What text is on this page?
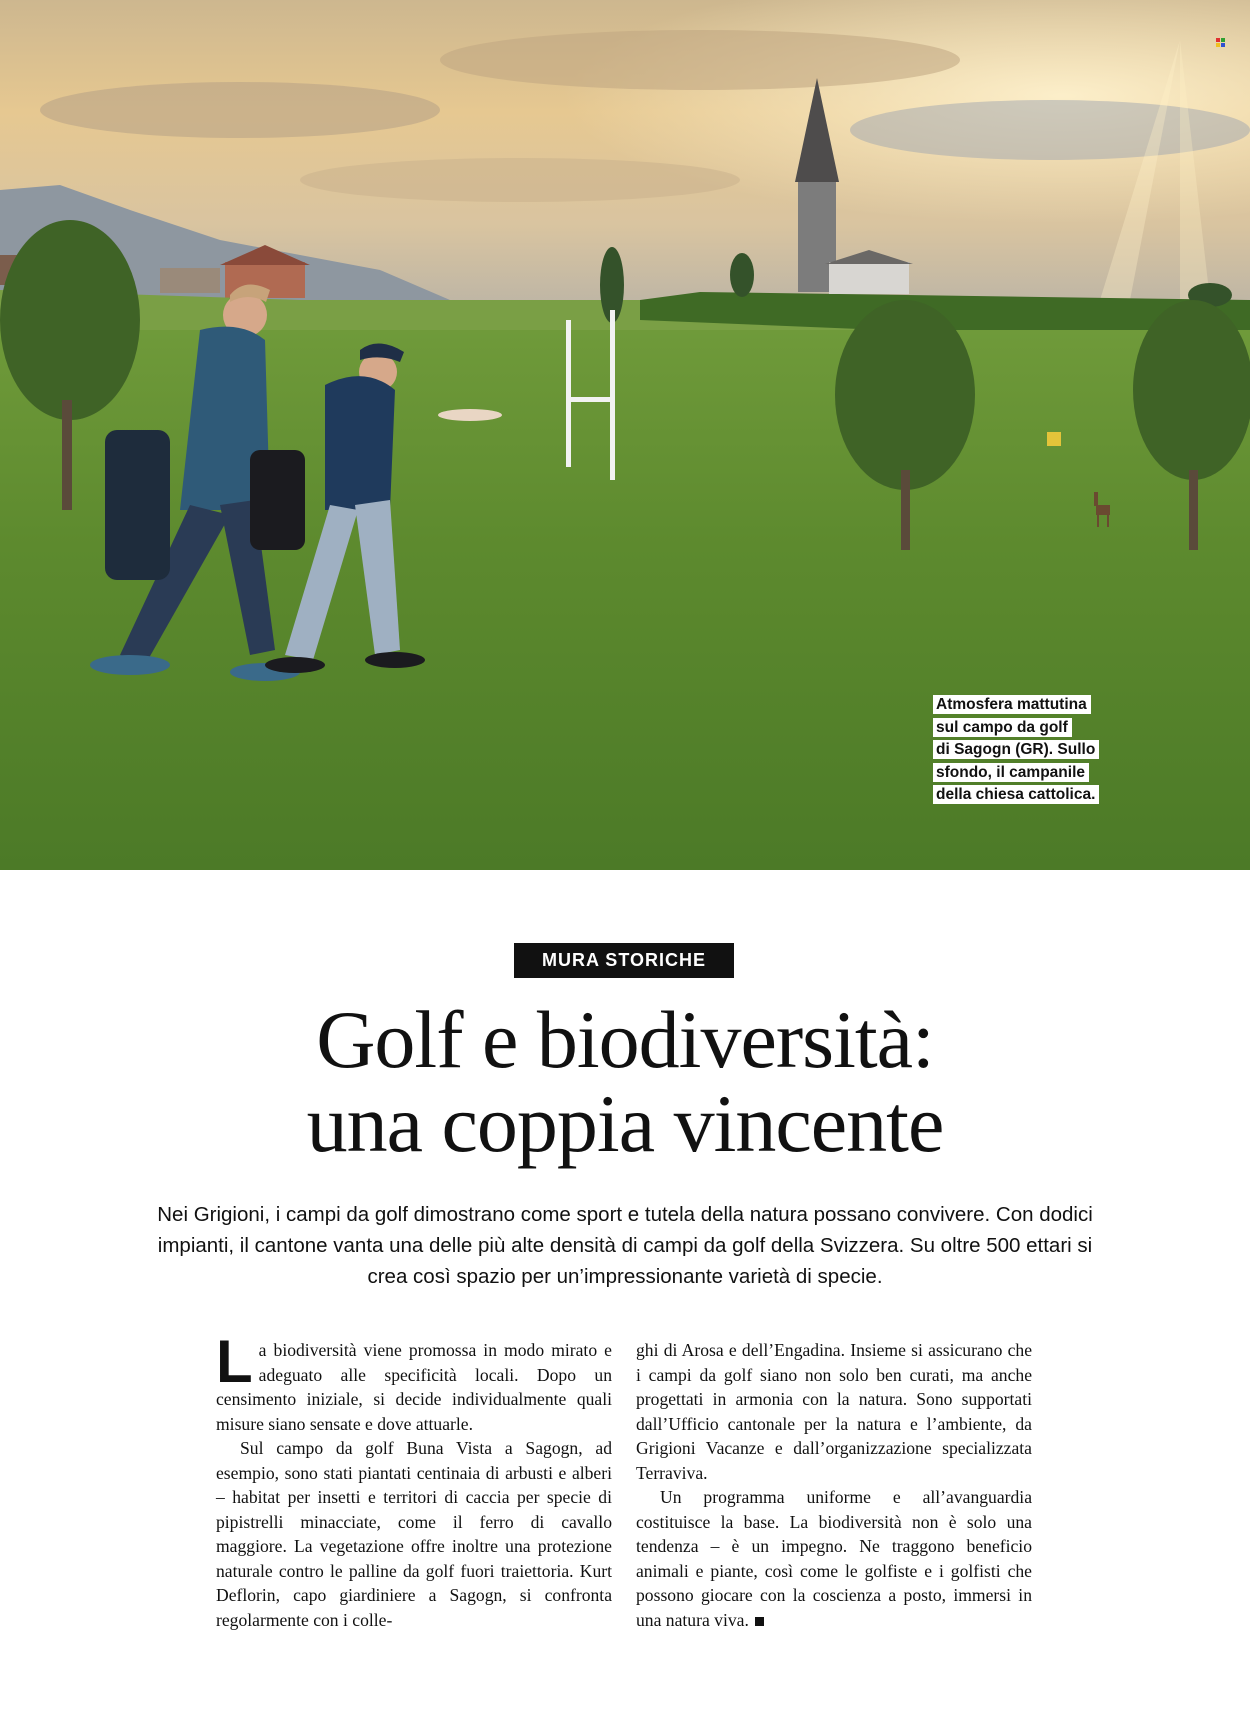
Atmosfera mattutina
sul campo da golf
di Sagogn (GR). Sullo
sfondo, il campanile
della chiesa cattolica.
MURA STORICHE
Golf e biodiversità:
una coppia vincente

Nei Grigioni, i campi da golf dimostrano come sport e tutela della natura possano convivere. Con dodici impianti, il cantone vanta una delle più alte densità di campi da golf della Svizzera. Su oltre 500 ettari si crea così spazio per un’impressionante varietà di specie.

La biodiversità viene promossa in modo mirato e adeguato alle specificità locali. Dopo un censimento iniziale, si decide individualmente quali misure siano sensate e dove attuarle.

Sul campo da golf Buna Vista a Sagogn, ad esempio, sono stati piantati centinaia di arbusti e alberi – habitat per insetti e territori di caccia per specie di pipistrelli minacciate, come il ferro di cavallo maggiore. La vegetazione offre inoltre una protezione naturale contro le palline da golf fuori traiettoria. Kurt Deflorin, capo giardiniere a Sagogn, si confronta regolarmente con i colle-

ghi di Arosa e dell’Engadina. Insieme si assicurano che i campi da golf siano non solo ben curati, ma anche progettati in armonia con la natura. Sono supportati dall’Ufficio cantonale per la natura e l’ambiente, da Grigioni Vacanze e dall’organizzazione specializzata Terraviva.

Un programma uniforme e all’avanguardia costituisce la base. La biodiversità non è solo una tendenza – è un impegno. Ne traggono beneficio animali e piante, così come le golfiste e i golfisti che possono giocare con la coscienza a posto, immersi in una natura viva.
